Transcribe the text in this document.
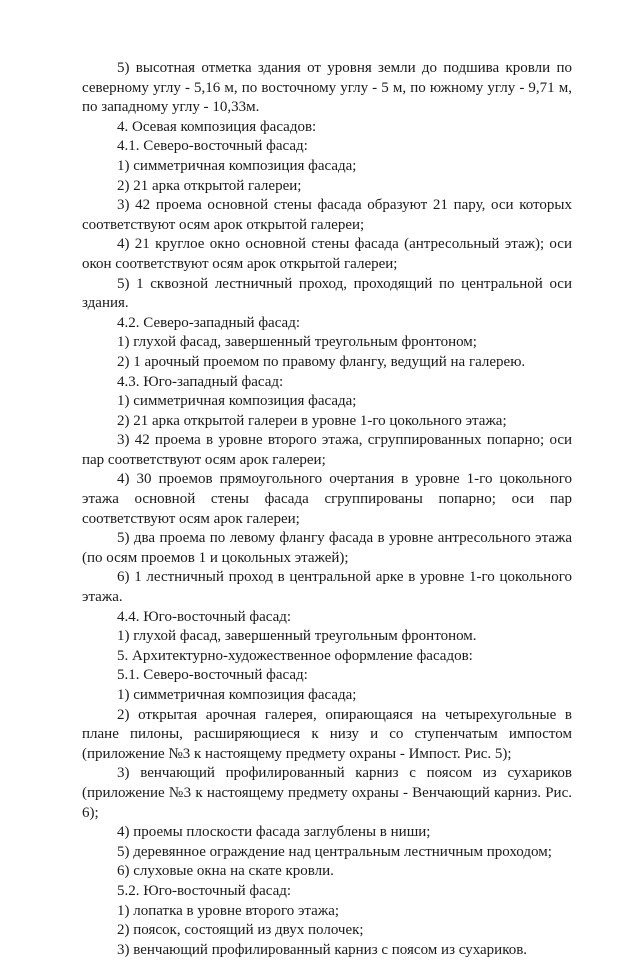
5) высотная отметка здания от уровня земли до подшива кровли по северному углу - 5,16 м, по восточному углу - 5 м, по южному углу - 9,71 м, по западному углу - 10,33м.

4. Осевая композиция фасадов:

4.1. Северо-восточный фасад:

1) симметричная композиция фасада;

2) 21 арка открытой галереи;

3) 42 проема основной стены фасада образуют 21 пару, оси которых соответствуют осям арок открытой галереи;

4) 21 круглое окно основной стены фасада (антресольный этаж); оси окон соответствуют осям арок открытой галереи;

5) 1 сквозной лестничный проход, проходящий по центральной оси здания.

4.2. Северо-западный фасад:

1) глухой фасад, завершенный треугольным фронтоном;

2) 1 арочный проемом по правому флангу, ведущий на галерею.

4.3. Юго-западный фасад:

1) симметричная композиция фасада;

2) 21 арка открытой галереи в уровне 1-го цокольного этажа;

3) 42 проема в уровне второго этажа, сгруппированных попарно; оси пар соответствуют осям арок галереи;

4) 30 проемов прямоугольного очертания в уровне 1-го цокольного этажа основной стены фасада сгруппированы попарно; оси пар соответствуют осям арок галереи;

5) два проема по левому флангу фасада в уровне антресольного этажа (по осям проемов 1 и цокольных этажей);

6) 1 лестничный проход в центральной арке в уровне 1-го цокольного этажа.

4.4. Юго-восточный фасад:

1) глухой фасад, завершенный треугольным фронтоном.

5. Архитектурно-художественное оформление фасадов:

5.1. Северо-восточный фасад:

1) симметричная композиция фасада;

2) открытая арочная галерея, опирающаяся на четырехугольные в плане пилоны, расширяющиеся к низу и со ступенчатым импостом (приложение №3 к настоящему предмету охраны - Импост. Рис. 5);

3) венчающий профилированный карниз с поясом из сухариков (приложение №3 к настоящему предмету охраны - Венчающий карниз. Рис. 6);

4) проемы плоскости фасада заглублены в ниши;

5) деревянное ограждение над центральным лестничным проходом;

6) слуховые окна на скате кровли.

5.2. Юго-восточный фасад:

1) лопатка в уровне второго этажа;

2) поясок, состоящий из двух полочек;

3) венчающий профилированный карниз с поясом из сухариков.
